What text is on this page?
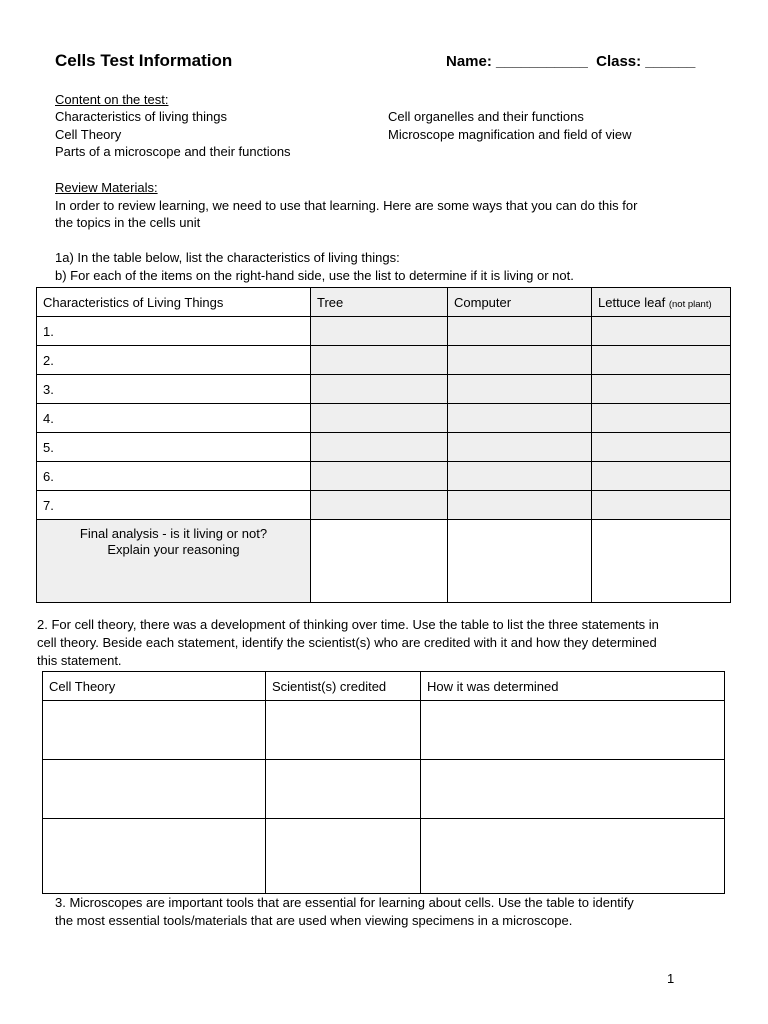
Cells Test Information	Name: ___________  Class: ______
Content on the test:
Characteristics of living things
Cell Theory
Parts of a microscope and their functions
Cell organelles and their functions
Microscope magnification and field of view
Review Materials:
In order to review learning, we need to use that learning. Here are some ways that you can do this for
the topics in the cells unit
1a) In the table below, list the characteristics of living things:
b) For each of the items on the right-hand side, use the list to determine if it is living or not.
Characteristics of Living Things	Tree	Computer	Lettuce leaf (not plant)
1.			
2.			
3.			
4.			
5.			
6.			
7.			

Final analysis - is it living or not?
Explain your reasoning			

2. For cell theory, there was a development of thinking over time. Use the table to list the three statements in
cell theory. Beside each statement, identify the scientist(s) who are credited with it and how they determined
this statement.
Cell Theory	Scientist(s) credited	How it was determined

3. Microscopes are important tools that are essential for learning about cells. Use the table to identify
the most essential tools/materials that are used when viewing specimens in a microscope.
1
